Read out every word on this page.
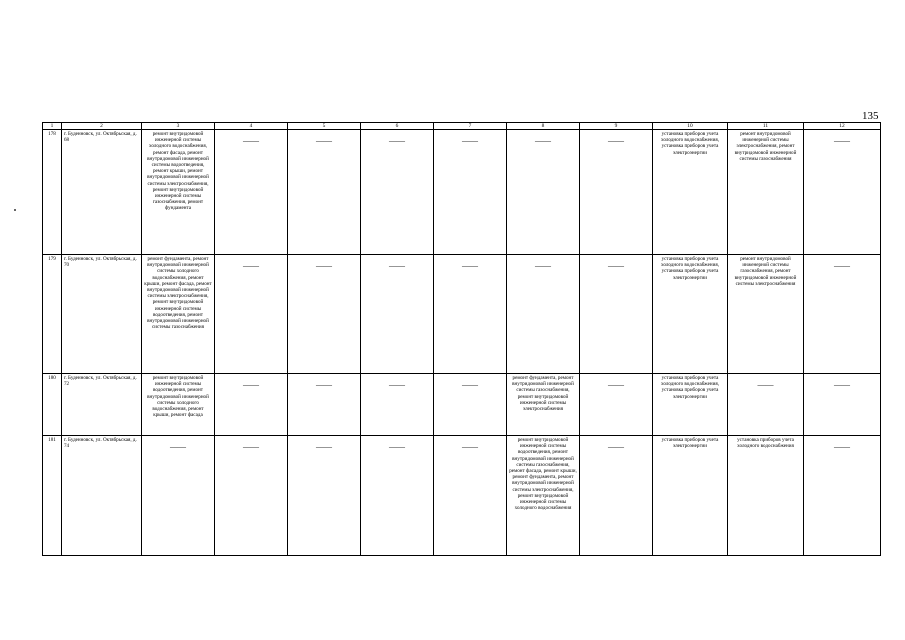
135
1	2	3	4	5	6	7	8	9	10	11	12
178	г. Буденновск, ул. Октябрьская, д. 68	ремонт внутридомовой инженерной системы холодного водоснабжения, ремонт фасада, ремонт внутридомовой инженерной системы водоотведения, ремонт крыши, ремонт внутридомовой инженерной системы электроснабжения, ремонт внутридомовой инженерной системы газоснабжения, ремонт фундамента	——	——	——	——	——	——	установка приборов учета холодного водоснабжения, установка приборов учета электроэнергии	ремонт внутридомовой инженерной системы электроснабжения, ремонт внутридомовой инженерной системы газоснабжения	——

179	г. Буденновск, ул. Октябрьская, д. 70	ремонт фундамента, ремонт внутридомовой инженерной системы холодного водоснабжения, ремонт крыши, ремонт фасада, ремонт внутридомовой инженерной системы электроснабжения, ремонт внутридомовой инженерной системы водоотведения, ремонт внутридомовой инженерной системы газоснабжения	——	——	——	——	——	——	установка приборов учета холодного водоснабжения, установка приборов учета электроэнергии	ремонт внутридомовой инженерной системы газоснабжения, ремонт внутридомовой инженерной системы электроснабжения	——

180	г. Буденновск, ул. Октябрьская, д. 72	ремонт внутридомовой инженерной системы водоотведения, ремонт внутридомовой инженерной системы холодного водоснабжения, ремонт крыши, ремонт фасада	——	——	——	——	ремонт фундамента, ремонт внутридомовой инженерной системы газоснабжения, ремонт внутридомовой инженерной системы электроснабжения	——	установка приборов учета холодного водоснабжения, установка приборов учета электроэнергии	——	——

181	г. Буденновск, ул. Октябрьская, д. 74	——	——	——	——	——	ремонт внутридомовой инженерной системы водоотведения, ремонт внутридомовой инженерной системы газоснабжения, ремонт фасада, ремонт крыши, ремонт фундамента, ремонт внутридомовой инженерной системы электроснабжения, ремонт внутридомовой инженерной системы холодного водоснабжения	——	установка приборов учета электроэнергии	установка приборов учета холодного водоснабжения	——
